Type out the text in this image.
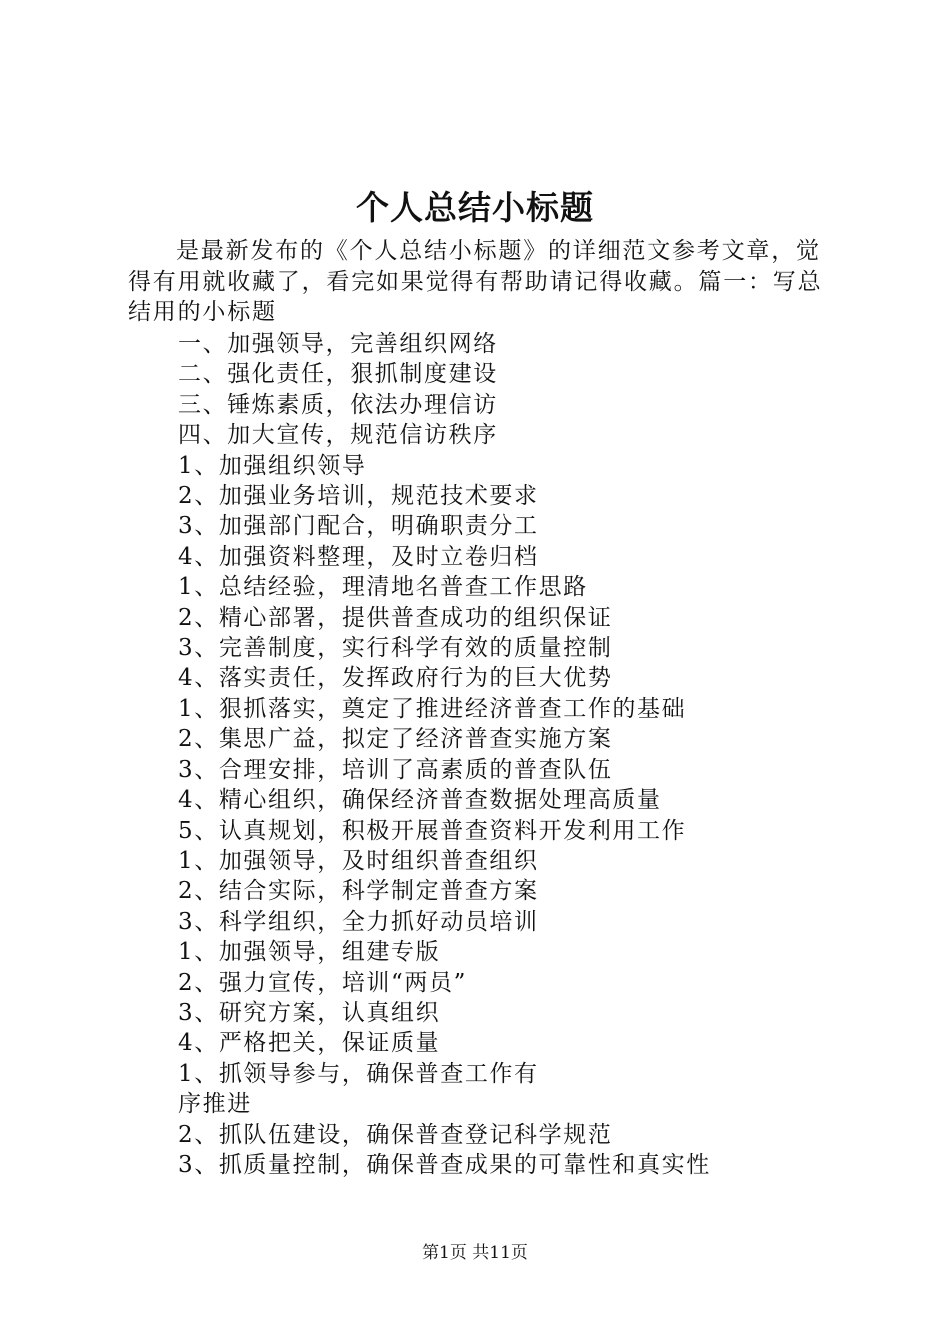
个人总结小标题

是最新发布的《个人总结小标题》的详细范文参考文章，觉得有用就收藏了，看完如果觉得有帮助请记得收藏。篇一：写总结用的小标题

一、加强领导，完善组织网络
二、强化责任，狠抓制度建设
三、锤炼素质，依法办理信访
四、加大宣传，规范信访秩序
1、加强组织领导
2、加强业务培训，规范技术要求
3、加强部门配合，明确职责分工
4、加强资料整理，及时立卷归档
1、总结经验，理清地名普查工作思路
2、精心部署，提供普查成功的组织保证
3、完善制度，实行科学有效的质量控制
4、落实责任，发挥政府行为的巨大优势
1、狠抓落实，奠定了推进经济普查工作的基础
2、集思广益，拟定了经济普查实施方案
3、合理安排，培训了高素质的普查队伍
4、精心组织，确保经济普查数据处理高质量
5、认真规划，积极开展普查资料开发利用工作
1、加强领导，及时组织普查组织
2、结合实际，科学制定普查方案
3、科学组织，全力抓好动员培训
1、加强领导，组建专版
2、强力宣传，培训“两员”
3、研究方案，认真组织
4、严格把关，保证质量
1、抓领导参与，确保普查工作有
序推进
2、抓队伍建设，确保普查登记科学规范
3、抓质量控制，确保普查成果的可靠性和真实性
第1页 共11页
